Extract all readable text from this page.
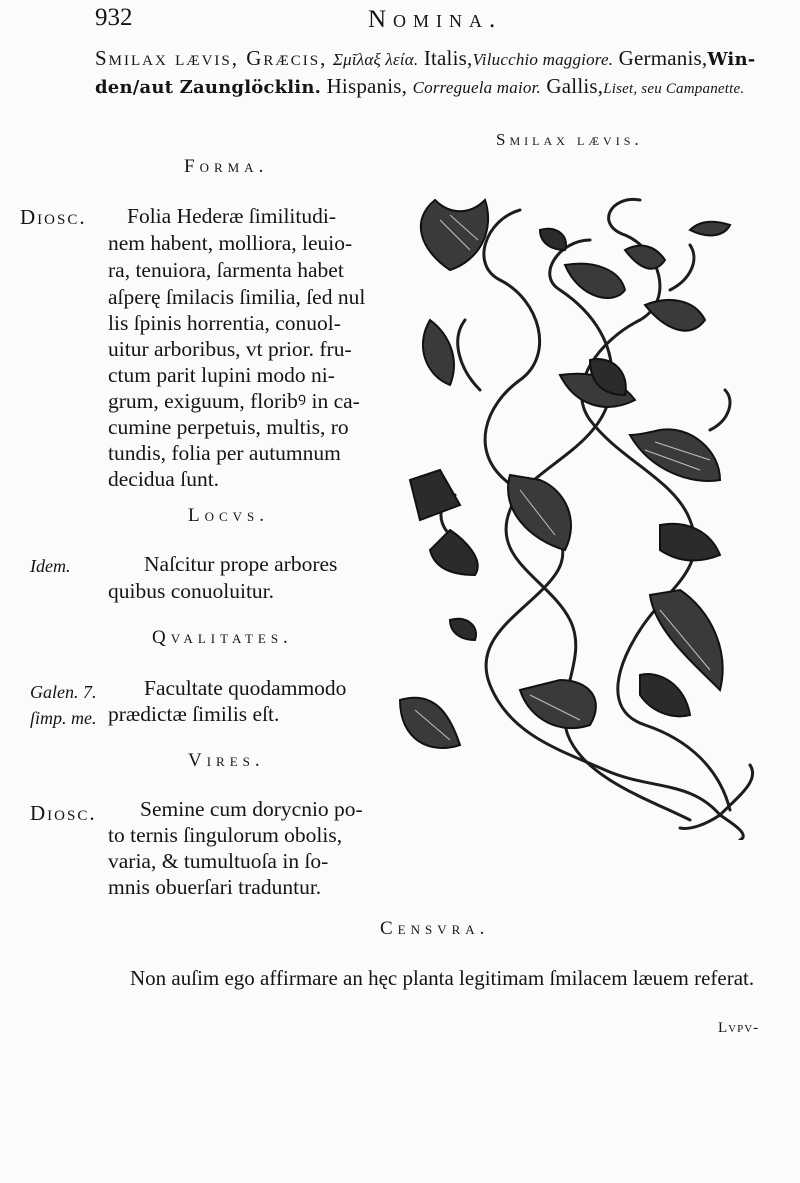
932	Nomina.
Smilax lævis, Græcis, Σμῖλαξ λεία. Italis,Vilucchio maggiore. Germanis,Win-
den/aut Zaunglöcklin. Hispanis, Correguela maior. Gallis,Liset, seu Campanette.
Smilax lævis.
Forma.
Diosc. Folia Hederæ ſimilitudi-
nem habent, molliora, leuio-
ra, tenuiora, ſarmenta habet
aſperę ſmilacis ſimilia, ſed nul
lis ſpinis horrentia, conuol-
uitur arboribus, vt prior. fru-
ctum parit lupini modo ni-
grum, exiguum, floribꝰ in ca-
cumine perpetuis, multis, ro
tundis, folia per autumnum
decidua ſunt.
Locvs.
Idem.	Naſcitur prope arbores
quibus conuoluitur.
Qvalitates.
Galen. 7.
ſimp. me.
Facultate quodammodo
prædictæ ſimilis eſt.
Vires.
Diosc. Semine cum dorycnio po-
to ternis ſingulorum obolis,
varia, & tumultuoſa in ſo-
mnis obuerſari traduntur.
Censvra.
Non auſim ego affirmare an hęc planta legitimam ſmilacem læuem referat.
Lvpv-
